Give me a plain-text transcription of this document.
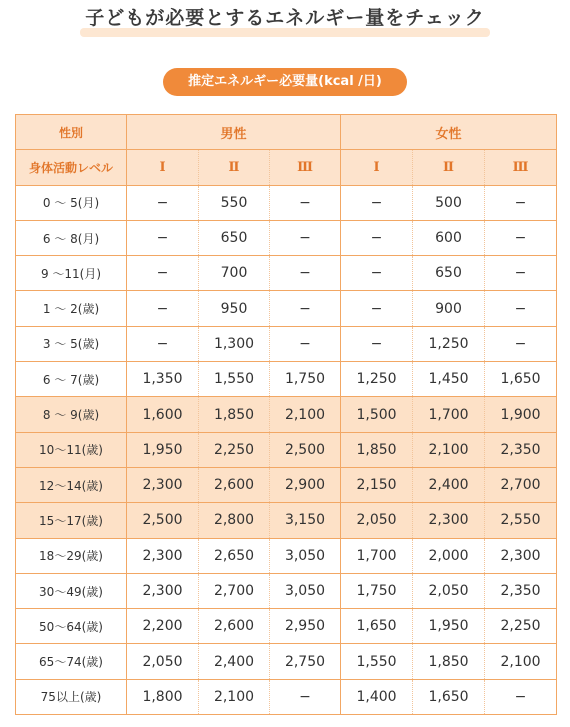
子どもが必要とするエネルギー量をチェック
推定エネルギー必要量(kcal /日)
性別	男性			女性		
身体活動レベル	Ⅰ	Ⅱ	Ⅲ	Ⅰ	Ⅱ	Ⅲ
0 〜 5(月)	−	550	−	−	500	−
6 〜 8(月)	−	650	−	−	600	−
9 〜11(月)	−	700	−	−	650	−
1 〜 2(歳)	−	950	−	−	900	−
3 〜 5(歳)	−	1,300	−	−	1,250	−
6 〜 7(歳)	1,350	1,550	1,750	1,250	1,450	1,650
8 〜 9(歳)	1,600	1,850	2,100	1,500	1,700	1,900
10〜11(歳)	1,950	2,250	2,500	1,850	2,100	2,350
12〜14(歳)	2,300	2,600	2,900	2,150	2,400	2,700
15〜17(歳)	2,500	2,800	3,150	2,050	2,300	2,550
18〜29(歳)	2,300	2,650	3,050	1,700	2,000	2,300
30〜49(歳)	2,300	2,700	3,050	1,750	2,050	2,350
50〜64(歳)	2,200	2,600	2,950	1,650	1,950	2,250
65〜74(歳)	2,050	2,400	2,750	1,550	1,850	2,100
75以上(歳)	1,800	2,100	−	1,400	1,650	−
